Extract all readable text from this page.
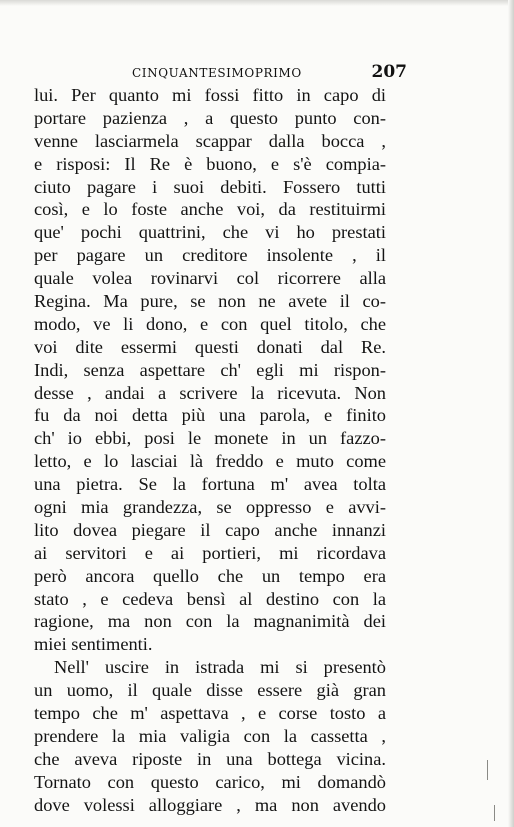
CINQUANTESIMOPRIMO	207
lui. Per quanto mi fossi fitto in capo di
portare pazienza , a questo punto con-
venne lasciarmela scappar dalla bocca ,
e risposi: Il Re è buono, e s'è compia-
ciuto pagare i suoi debiti. Fossero tutti
così, e lo foste anche voi, da restituirmi
que' pochi quattrini, che vi ho prestati
per pagare un creditore insolente , il
quale volea rovinarvi col ricorrere alla
Regina. Ma pure, se non ne avete il co-
modo, ve li dono, e con quel titolo, che
voi dite essermi questi donati dal Re.
Indi, senza aspettare ch' egli mi rispon-
desse , andai a scrivere la ricevuta. Non
fu da noi detta più una parola, e finito
ch' io ebbi, posi le monete in un fazzo-
letto, e lo lasciai là freddo e muto come
una pietra. Se la fortuna m' avea tolta
ogni mia grandezza, se oppresso e avvi-
lito dovea piegare il capo anche innanzi
ai servitori e ai portieri, mi ricordava
però ancora quello che un tempo era
stato , e cedeva bensì al destino con la
ragione, ma non con la magnanimità dei
miei sentimenti.
Nell' uscire in istrada mi si presentò
un uomo, il quale disse essere già gran
tempo che m' aspettava , e corse tosto a
prendere la mia valigia con la cassetta ,
che aveva riposte in una bottega vicina.
Tornato con questo carico, mi domandò
dove volessi alloggiare , ma non avendo
